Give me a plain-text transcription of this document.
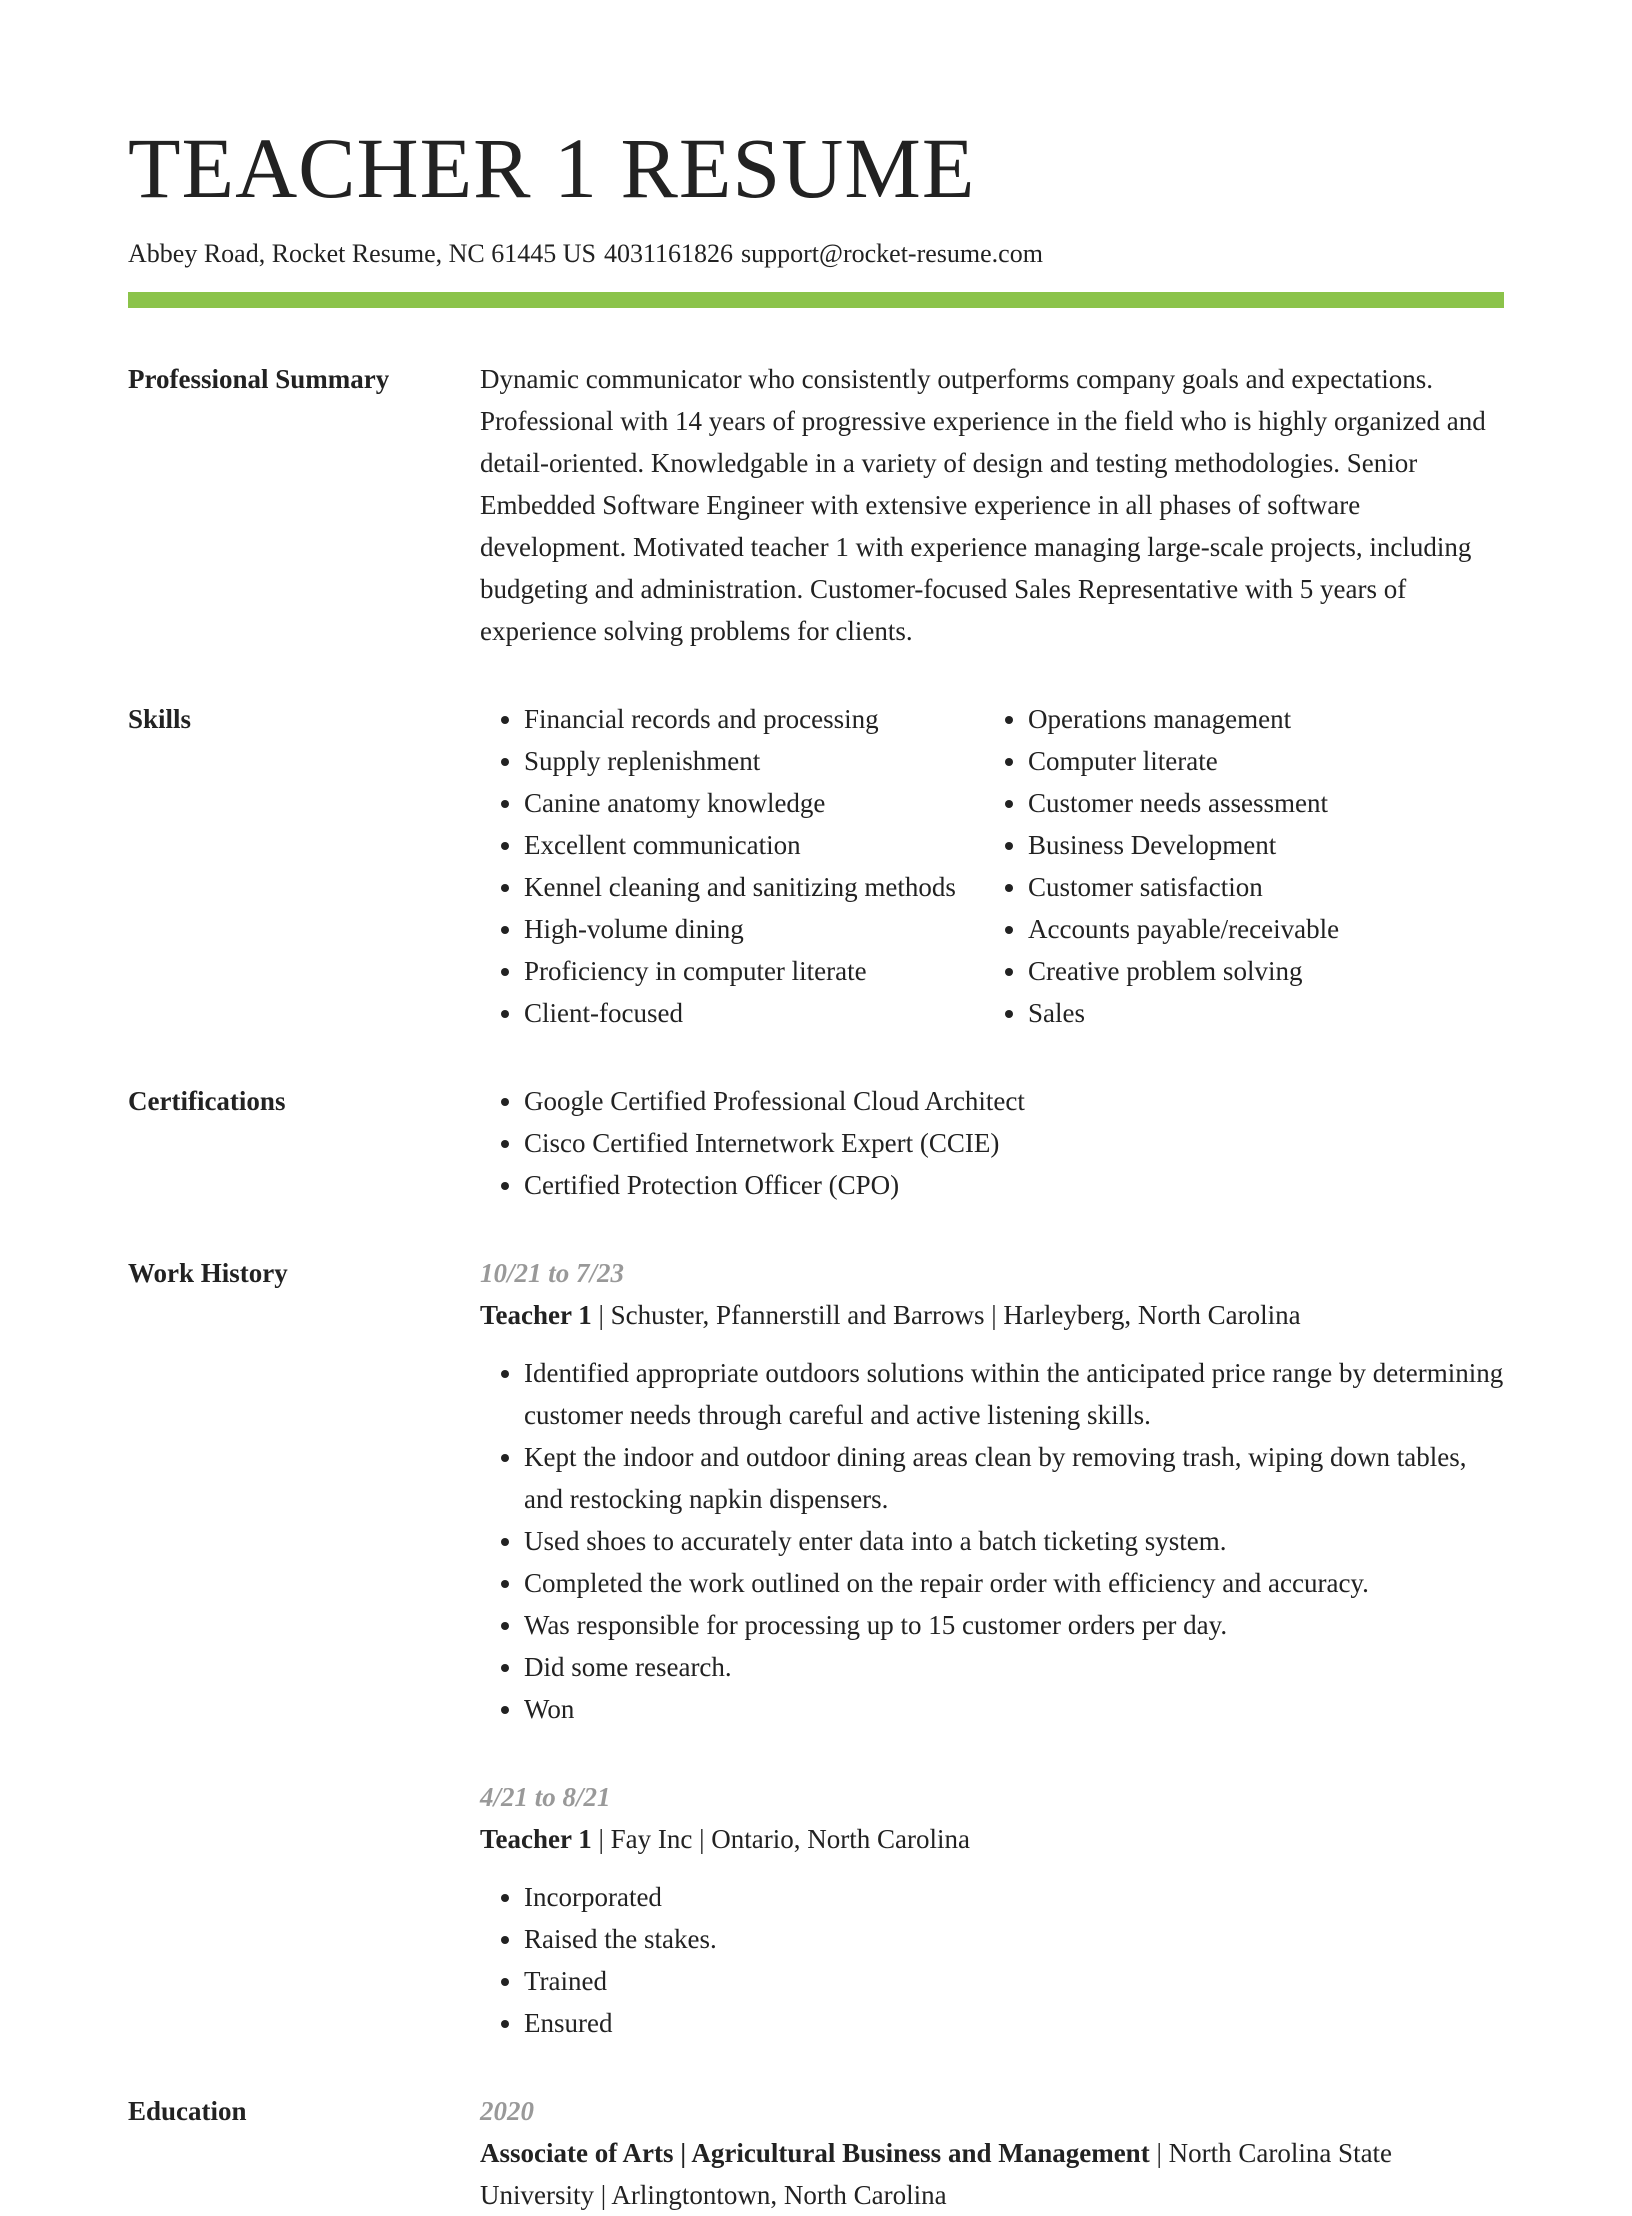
TEACHER 1 RESUME
Abbey Road, Rocket Resume, NC 61445 US 4031161826 support@rocket-resume.com
Professional Summary	Dynamic communicator who consistently outperforms company goals and expectations. Professional with 14 years of progressive experience in the field who is highly organized and detail-oriented. Knowledgable in a variety of design and testing methodologies. Senior Embedded Software Engineer with extensive experience in all phases of software development. Motivated teacher 1 with experience managing large-scale projects, including budgeting and administration. Customer-focused Sales Representative with 5 years of experience solving problems for clients.

Skills	• Financial records and processing
• Supply replenishment
• Canine anatomy knowledge
• Excellent communication
• Kennel cleaning and sanitizing methods
• High-volume dining
• Proficiency in computer literate
• Client-focused
• Operations management
• Computer literate
• Customer needs assessment
• Business Development
• Customer satisfaction
• Accounts payable/receivable
• Creative problem solving
• Sales
Certifications	• Google Certified Professional Cloud Architect
• Cisco Certified Internetwork Expert (CCIE)
• Certified Protection Officer (CPO)
Work History	10/21 to 7/23
Teacher 1 | Schuster, Pfannerstill and Barrows | Harleyberg, North Carolina
• Identified appropriate outdoors solutions within the anticipated price range by determining customer needs through careful and active listening skills.
• Kept the indoor and outdoor dining areas clean by removing trash, wiping down tables, and restocking napkin dispensers.
• Used shoes to accurately enter data into a batch ticketing system.
• Completed the work outlined on the repair order with efficiency and accuracy.
• Was responsible for processing up to 15 customer orders per day.
• Did some research.
• Won
4/21 to 8/21
Teacher 1 | Fay Inc | Ontario, North Carolina
• Incorporated
• Raised the stakes.
• Trained
• Ensured
Education	2020
Associate of Arts | Agricultural Business and Management | North Carolina State University | Arlingtontown, North Carolina
